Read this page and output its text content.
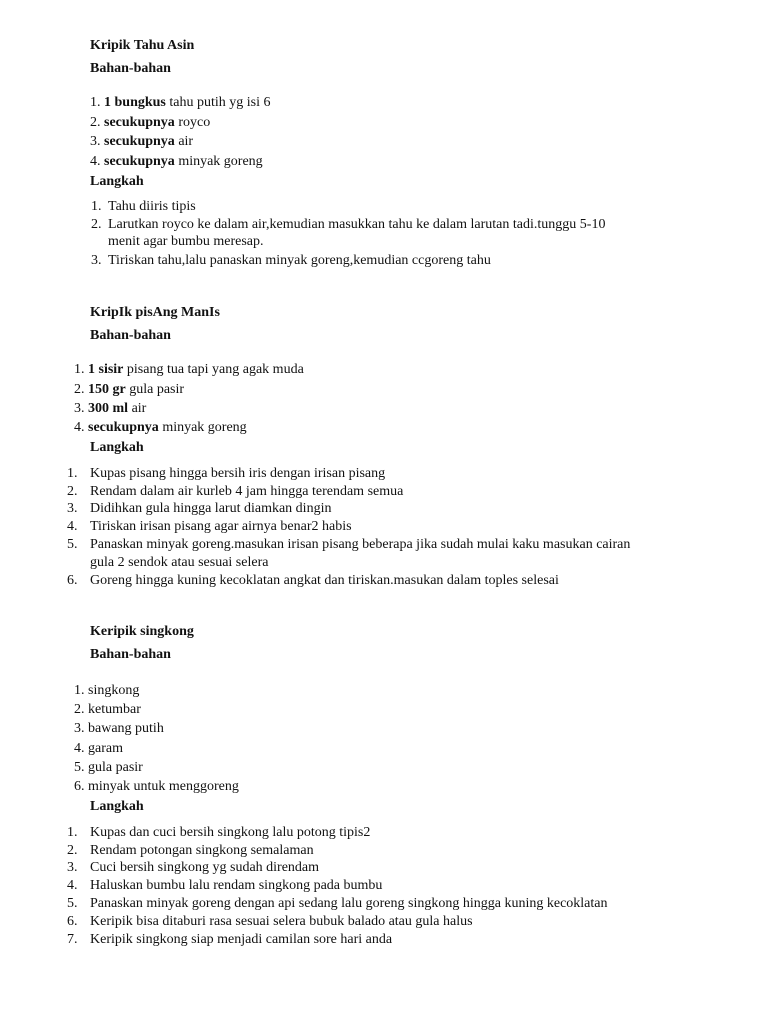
Kripik Tahu Asin
Bahan-bahan
1. 1 bungkus tahu putih yg isi 6
2. secukupnya royco
3. secukupnya air
4. secukupnya minyak goreng
Langkah
1. Tahu diiris tipis
2. Larutkan royco ke dalam air,kemudian masukkan tahu ke dalam larutan tadi.tunggu 5-10
menit agar bumbu meresap.
3. Tiriskan tahu,lalu panaskan minyak goreng,kemudian ccgoreng tahu
KripIk pisAng ManIs
Bahan-bahan
1. 1 sisir pisang tua tapi yang agak muda
2. 150 gr gula pasir
3. 300 ml air
4. secukupnya minyak goreng
Langkah
1. Kupas pisang hingga bersih iris dengan irisan pisang
2. Rendam dalam air kurleb 4 jam hingga terendam semua
3. Didihkan gula hingga larut diamkan dingin
4. Tiriskan irisan pisang agar airnya benar2 habis
5. Panaskan minyak goreng.masukan irisan pisang beberapa jika sudah mulai kaku masukan cairan
gula 2 sendok atau sesuai selera
6. Goreng hingga kuning kecoklatan angkat dan tiriskan.masukan dalam toples selesai
Keripik singkong
Bahan-bahan
1. singkong
2. ketumbar
3. bawang putih
4. garam
5. gula pasir
6. minyak untuk menggoreng
Langkah
1. Kupas dan cuci bersih singkong lalu potong tipis2
2. Rendam potongan singkong semalaman
3. Cuci bersih singkong yg sudah direndam
4. Haluskan bumbu lalu rendam singkong pada bumbu
5. Panaskan minyak goreng dengan api sedang lalu goreng singkong hingga kuning kecoklatan
6. Keripik bisa ditaburi rasa sesuai selera bubuk balado atau gula halus
7. Keripik singkong siap menjadi camilan sore hari anda
